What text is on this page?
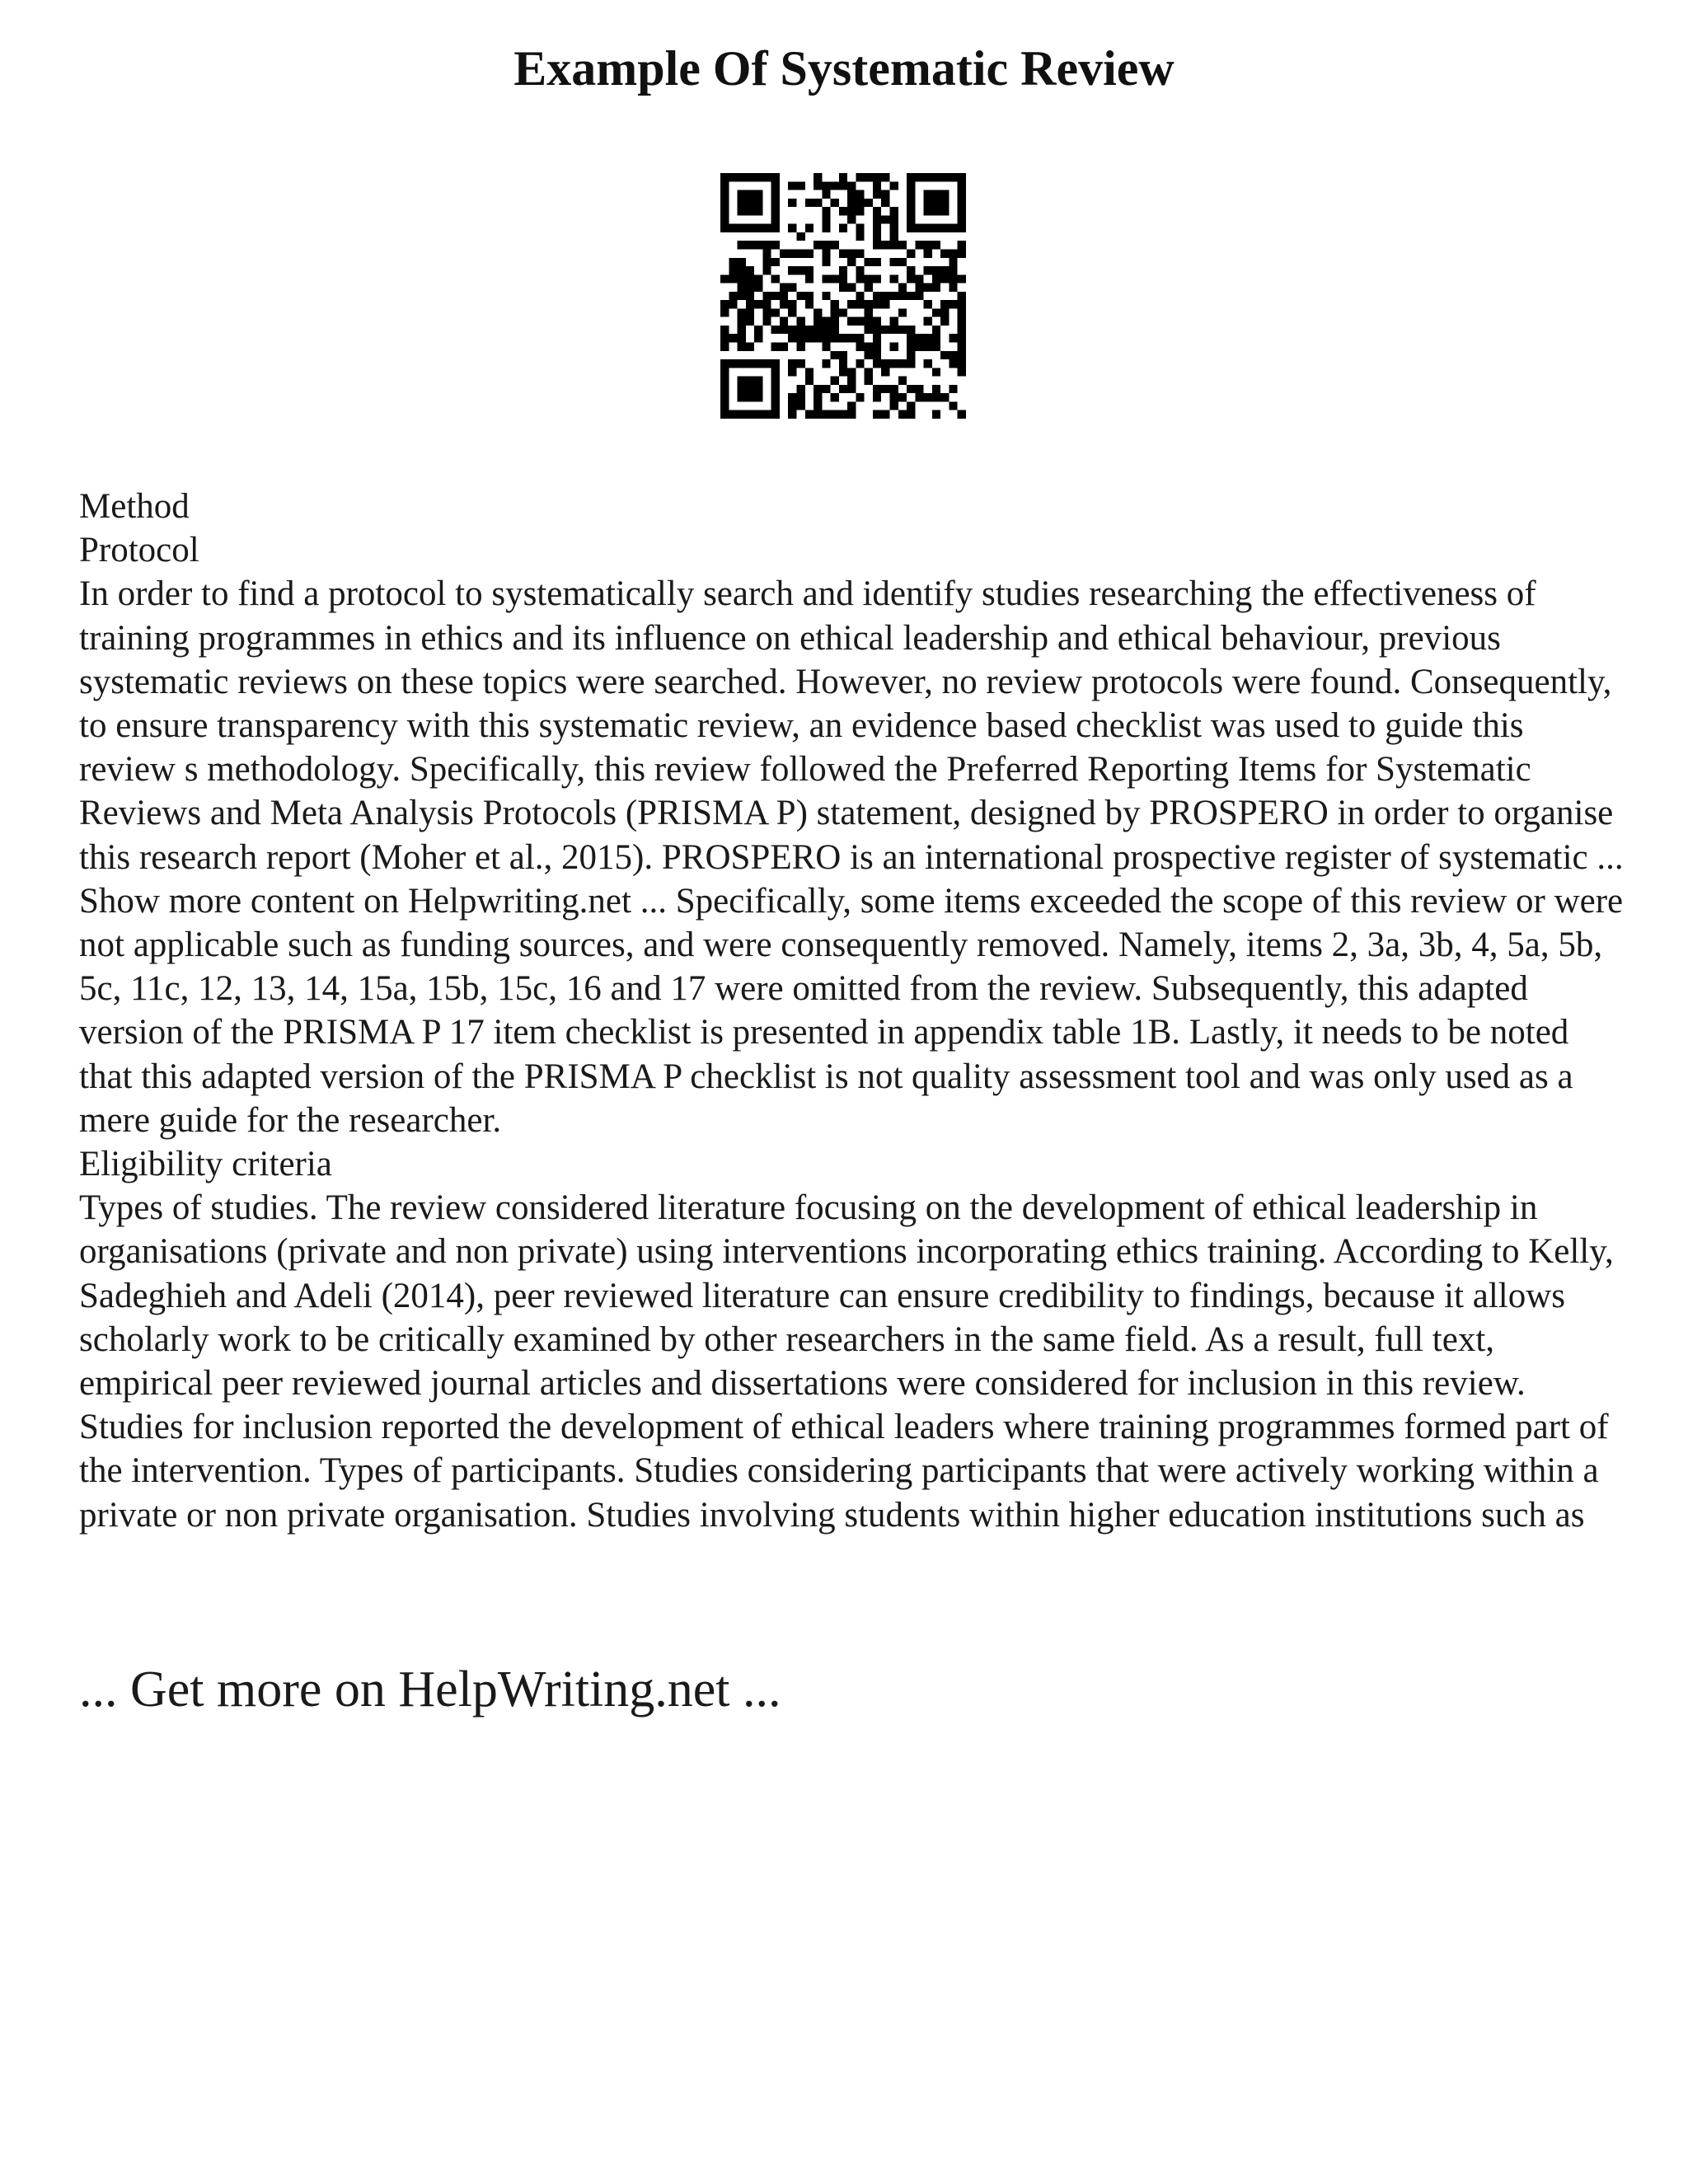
Example Of Systematic Review

Method

Protocol

In order to find a protocol to systematically search and identify studies researching the effectiveness of training programmes in ethics and its influence on ethical leadership and ethical behaviour, previous systematic reviews on these topics were searched. However, no review protocols were found. Consequently, to ensure transparency with this systematic review, an evidence based checklist was used to guide this review s methodology. Specifically, this review followed the Preferred Reporting Items for Systematic Reviews and Meta Analysis Protocols (PRISMA P) statement, designed by PROSPERO in order to organise this research report (Moher et al., 2015). PROSPERO is an international prospective register of systematic ... Show more content on Helpwriting.net ... Specifically, some items exceeded the scope of this review or were not applicable such as funding sources, and were consequently removed. Namely, items 2, 3a, 3b, 4, 5a, 5b, 5c, 11c, 12, 13, 14, 15a, 15b, 15c, 16 and 17 were omitted from the review. Subsequently, this adapted version of the PRISMA P 17 item checklist is presented in appendix table 1B. Lastly, it needs to be noted that this adapted version of the PRISMA P checklist is not quality assessment tool and was only used as a mere guide for the researcher.

Eligibility criteria

Types of studies. The review considered literature focusing on the development of ethical leadership in organisations (private and non private) using interventions incorporating ethics training. According to Kelly, Sadeghieh and Adeli (2014), peer reviewed literature can ensure credibility to findings, because it allows scholarly work to be critically examined by other researchers in the same field. As a result, full text, empirical peer reviewed journal articles and dissertations were considered for inclusion in this review. Studies for inclusion reported the development of ethical leaders where training programmes formed part of the intervention. Types of participants. Studies considering participants that were actively working within a private or non private organisation. Studies involving students within higher education institutions such as

... Get more on HelpWriting.net ...
